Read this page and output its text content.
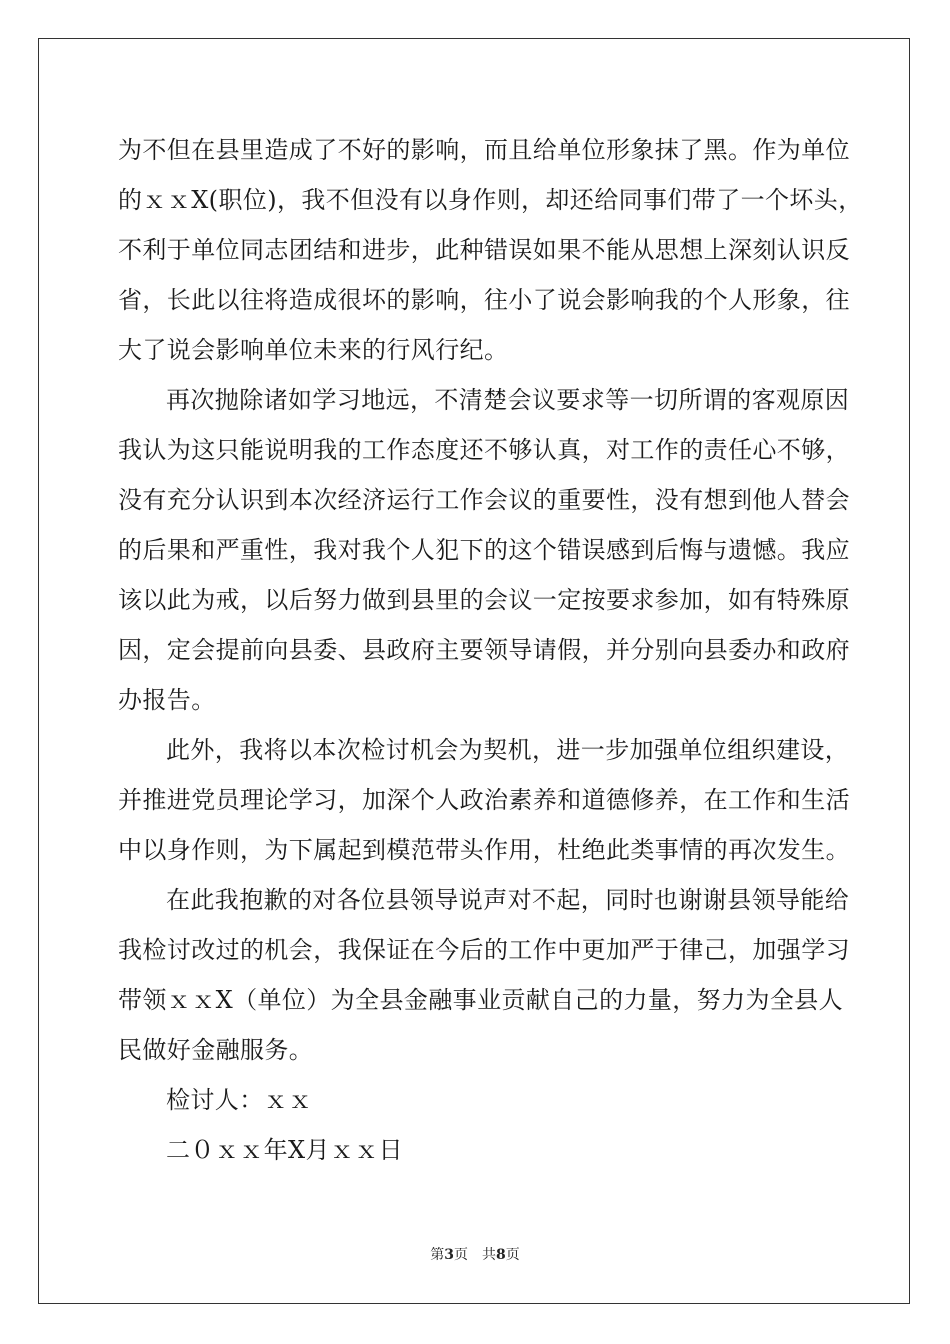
为不但在县里造成了不好的影响，而且给单位形象抹了黑。作为单位
的ｘｘX(职位)，我不但没有以身作则，却还给同事们带了一个坏头，
不利于单位同志团结和进步，此种错误如果不能从思想上深刻认识反
省，长此以往将造成很坏的影响，往小了说会影响我的个人形象，往
大了说会影响单位未来的行风行纪。
再次抛除诸如学习地远，不清楚会议要求等一切所谓的客观原因
我认为这只能说明我的工作态度还不够认真，对工作的责任心不够，
没有充分认识到本次经济运行工作会议的重要性，没有想到他人替会
的后果和严重性，我对我个人犯下的这个错误感到后悔与遗憾。我应
该以此为戒，以后努力做到县里的会议一定按要求参加，如有特殊原
因，定会提前向县委、县政府主要领导请假，并分别向县委办和政府
办报告。
此外，我将以本次检讨机会为契机，进一步加强单位组织建设，
并推进党员理论学习，加深个人政治素养和道德修养，在工作和生活
中以身作则，为下属起到模范带头作用，杜绝此类事情的再次发生。
在此我抱歉的对各位县领导说声对不起，同时也谢谢县领导能给
我检讨改过的机会，我保证在今后的工作中更加严于律己，加强学习
带领ｘｘX（单位）为全县金融事业贡献自己的力量，努力为全县人
民做好金融服务。
检讨人：ｘｘ
二０ｘｘ年X月ｘｘ日
第3页 共8页
